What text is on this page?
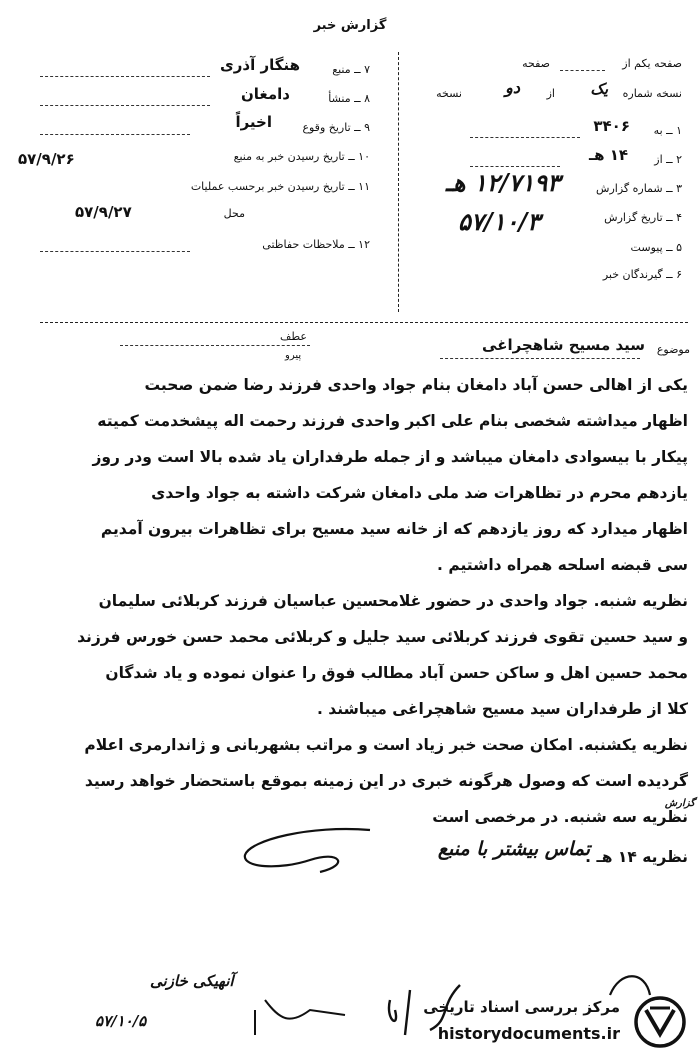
گزارش خبر
صفحه یکم از
صفحه
نسخه شماره
یک
از
دو
نسخه
۱ ــ به
۳۴۰۶
۲ ــ از
۱۴ هـ
۳ ــ شماره گزارش
۱۲/۷۱۹۳ هـ
۴ ــ تاریخ گزارش
۵۷/۱۰/۳
۵ ــ پیوست
۶ ــ گیرندگان خبر
۷ ــ منبع
هنگار آذری
۸ ــ منشأ
دامغان
۹ ــ تاریخ وقوع
اخیراً
۱۰ ــ تاریخ رسیدن خبر به منبع
۵۷/۹/۲۶
۱۱ ــ تاریخ رسیدن خبر برحسب عملیات
محل
۵۷/۹/۲۷
۱۲ ــ ملاحظات حفاظتی
موضوع
سید مسیح شاهچراغی
عطف
پیرو
یکی از اهالی حسن آباد دامغان بنام جواد واحدی فرزند رضا ضمن صحبت
اظهار میداشته شخصی بنام علی اکبر واحدی فرزند رحمت اله پیشخدمت کمیته
پیکار با بیسوادی دامغان میباشد و از جمله طرفداران یاد شده بالا است ودر روز
یازدهم محرم در تظاهرات ضد ملی دامغان شرکت داشته به جواد واحدی
اظهار میدارد که روز یازدهم که از خانه سید مسیح برای تظاهرات بیرون آمدیم
سی قبضه اسلحه همراه داشتیم .
نظریه شنبه. جواد واحدی در حضور غلامحسین عباسیان فرزند کربلائی سلیمان
و سید حسین تقوی فرزند کربلائی سید جلیل و کربلائی محمد حسن خورس فرزند
محمد حسین اهل و ساکن حسن آباد مطالب فوق را عنوان نموده و یاد شدگان
کلا از طرفداران سید مسیح شاهچراغی میباشند .
نظریه یکشنبه. امکان صحت خبر زیاد است و مراتب بشهربانی و ژاندارمری اعلام
گردیده است که وصول هرگونه خبری در این زمینه بموقع باستحضار خواهد رسید
گزارش
نظریه سه شنبه. در مرخصی است
نظریه ۱۴ هـ .
تماس بیشتر با منبع
آنهیکی خازنی
۵۷/۱۰/۵
مرکز بررسی اسناد تاریخی
historydocuments.ir
